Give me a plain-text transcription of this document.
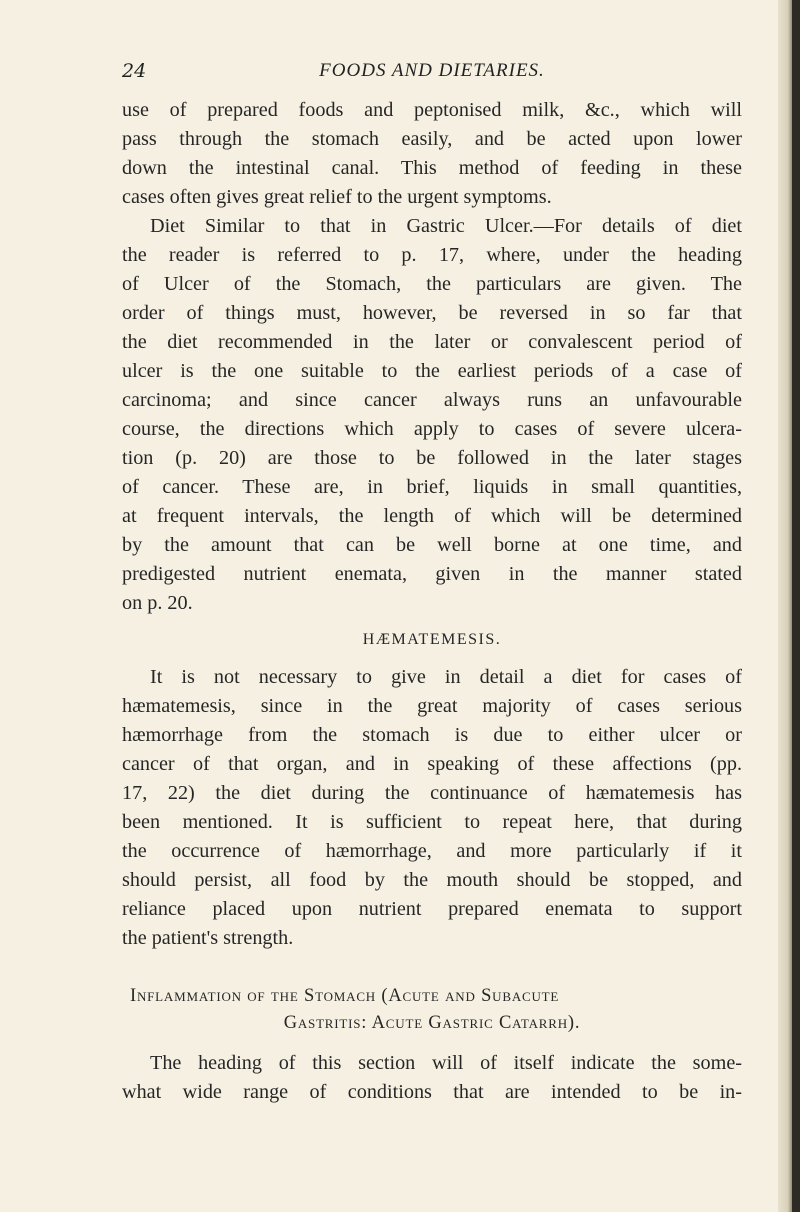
24	FOODS AND DIETARIES.
use of prepared foods and peptonised milk, &c., which will
pass through the stomach easily, and be acted upon lower
down the intestinal canal. This method of feeding in these
cases often gives great relief to the urgent symptoms.
Diet Similar to that in Gastric Ulcer.—For details of diet
the reader is referred to p. 17, where, under the heading
of Ulcer of the Stomach, the particulars are given. The
order of things must, however, be reversed in so far that
the diet recommended in the later or convalescent period of
ulcer is the one suitable to the earliest periods of a case of
carcinoma; and since cancer always runs an unfavourable
course, the directions which apply to cases of severe ulcera-
tion (p. 20) are those to be followed in the later stages
of cancer. These are, in brief, liquids in small quantities,
at frequent intervals, the length of which will be determined
by the amount that can be well borne at one time, and
predigested nutrient enemata, given in the manner stated
on p. 20.
HÆMATEMESIS.
It is not necessary to give in detail a diet for cases of
hæmatemesis, since in the great majority of cases serious
hæmorrhage from the stomach is due to either ulcer or
cancer of that organ, and in speaking of these affections (pp.
17, 22) the diet during the continuance of hæmatemesis has
been mentioned. It is sufficient to repeat here, that during
the occurrence of hæmorrhage, and more particularly if it
should persist, all food by the mouth should be stopped, and
reliance placed upon nutrient prepared enemata to support
the patient's strength.
Inflammation of the Stomach (Acute and Subacute
Gastritis: Acute Gastric Catarrh).
The heading of this section will of itself indicate the some-
what wide range of conditions that are intended to be in-
